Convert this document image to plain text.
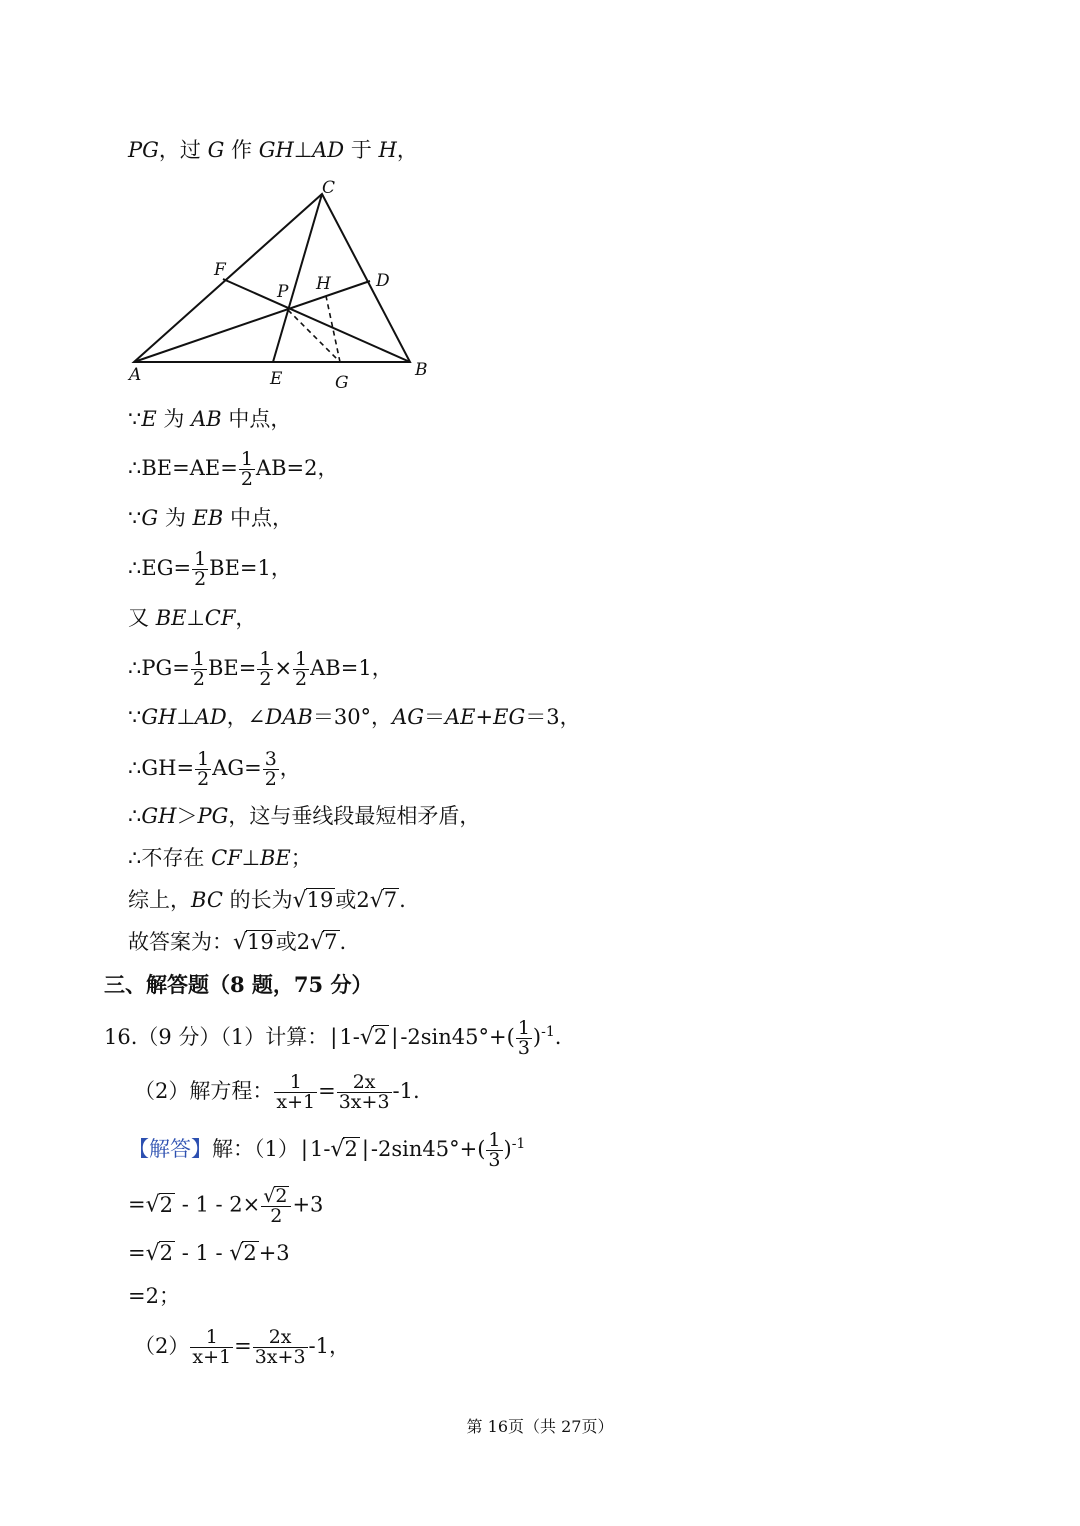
PG，过 G 作 GH⊥AD 于 H，
C
F
D
H
P
A	E	G
B
∵E 为 AB 中点，
∴BE=AE= $\frac{1}{2} AB=2$，
∵G 为 EB 中点，
∴EG= $\frac{1}{2} BE=1$，
又 BE⊥CF，
∴PG= $\frac{1}{2} BE= \frac{1}{2} \times \frac{1}{2} AB=1$，
∵GH⊥AD，∠DAB＝30°，AG＝AE+EG＝3，
∴GH= $\frac{1}{2} AG= \frac{3}{2}$ ，
∴GH＞PG，这与垂线段最短相矛盾，
∴不存在 CF⊥BE；
综上，BC 的长为√19或2√7.
故答案为：√19或2√7.
三、解答题（8 题，75 分）
16.（9 分）（1）计算：|1-√2 $|-2\sin 45^\circ+( \frac{1}{3} )^{-1}$.
（2）解方程： $\frac{1}{x+1} = \frac{2x}{3x+3} -1$.
【解答】解：（1）|1-√2 $|-2\sin 45^\circ+( \frac{1}{3} )^{-1}$
$=√2 - 1 - 2\times \frac{√2}{2} +3$
=√2 - 1 - √2+3
=2；
$(2) \frac{1}{x+1} = \frac{2x}{3x+3} -1$，
第 16页（共 27页）
